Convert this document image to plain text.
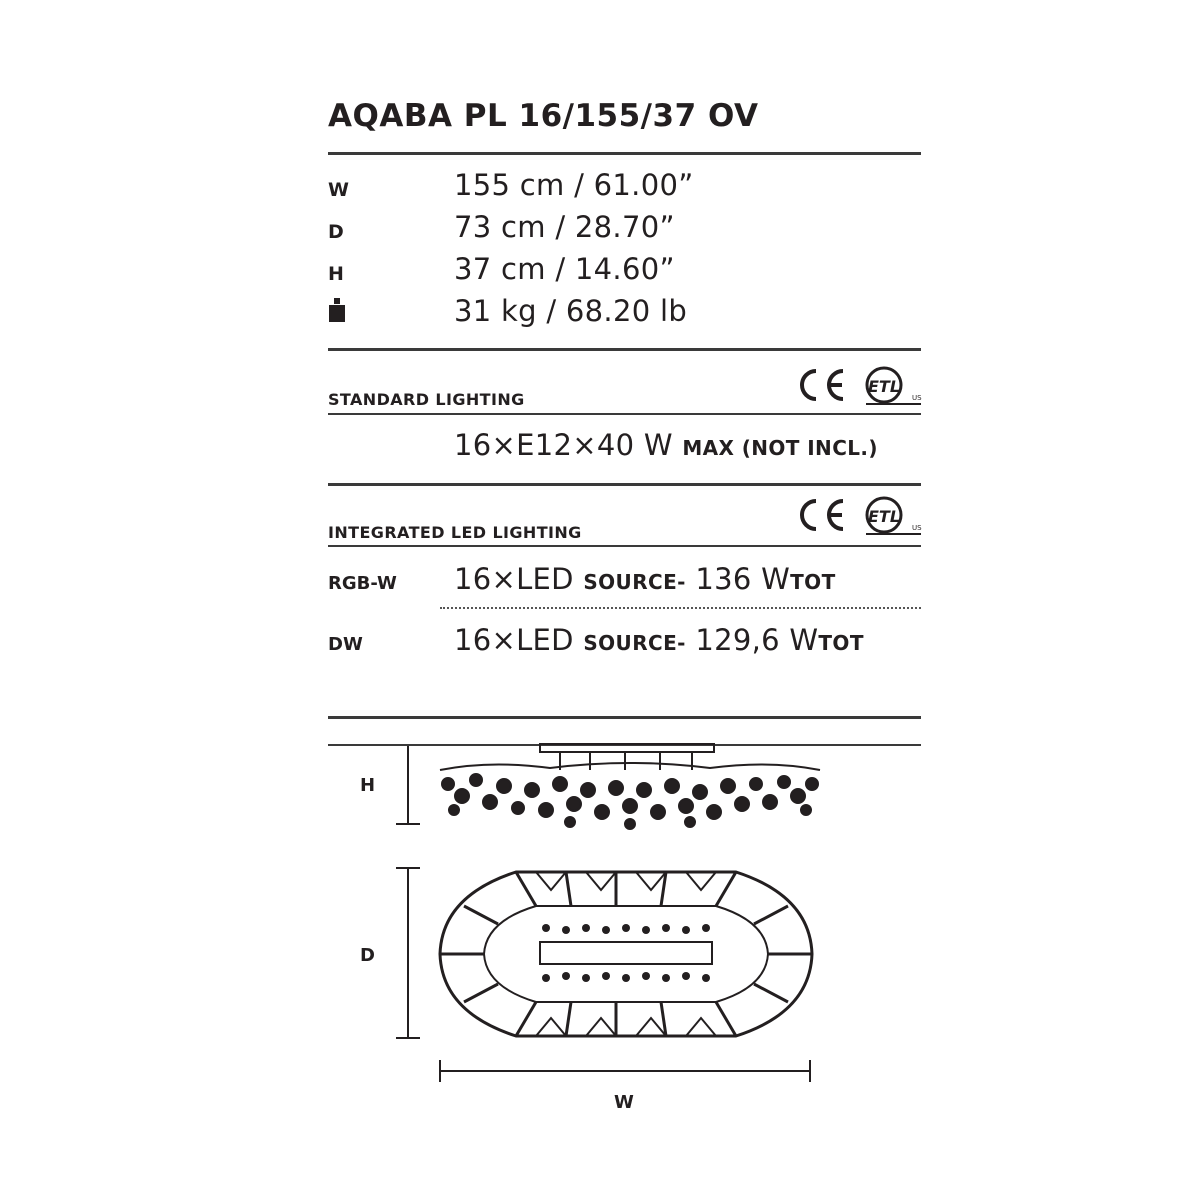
AQABA PL 16/155/37 OV
W	155 cm / 61.00”
D	73 cm / 28.70”
H	37 cm / 14.60”
31 kg / 68.20 lb
STANDARD LIGHTING
ETL
US
16×E12×40 W MAX (NOT INCL.)
INTEGRATED LED LIGHTING
ETL
US
RGB-W 16×LED SOURCE- 136 WTOT
DW	16×LED SOURCE- 129,6 WTOT
H
D
W
